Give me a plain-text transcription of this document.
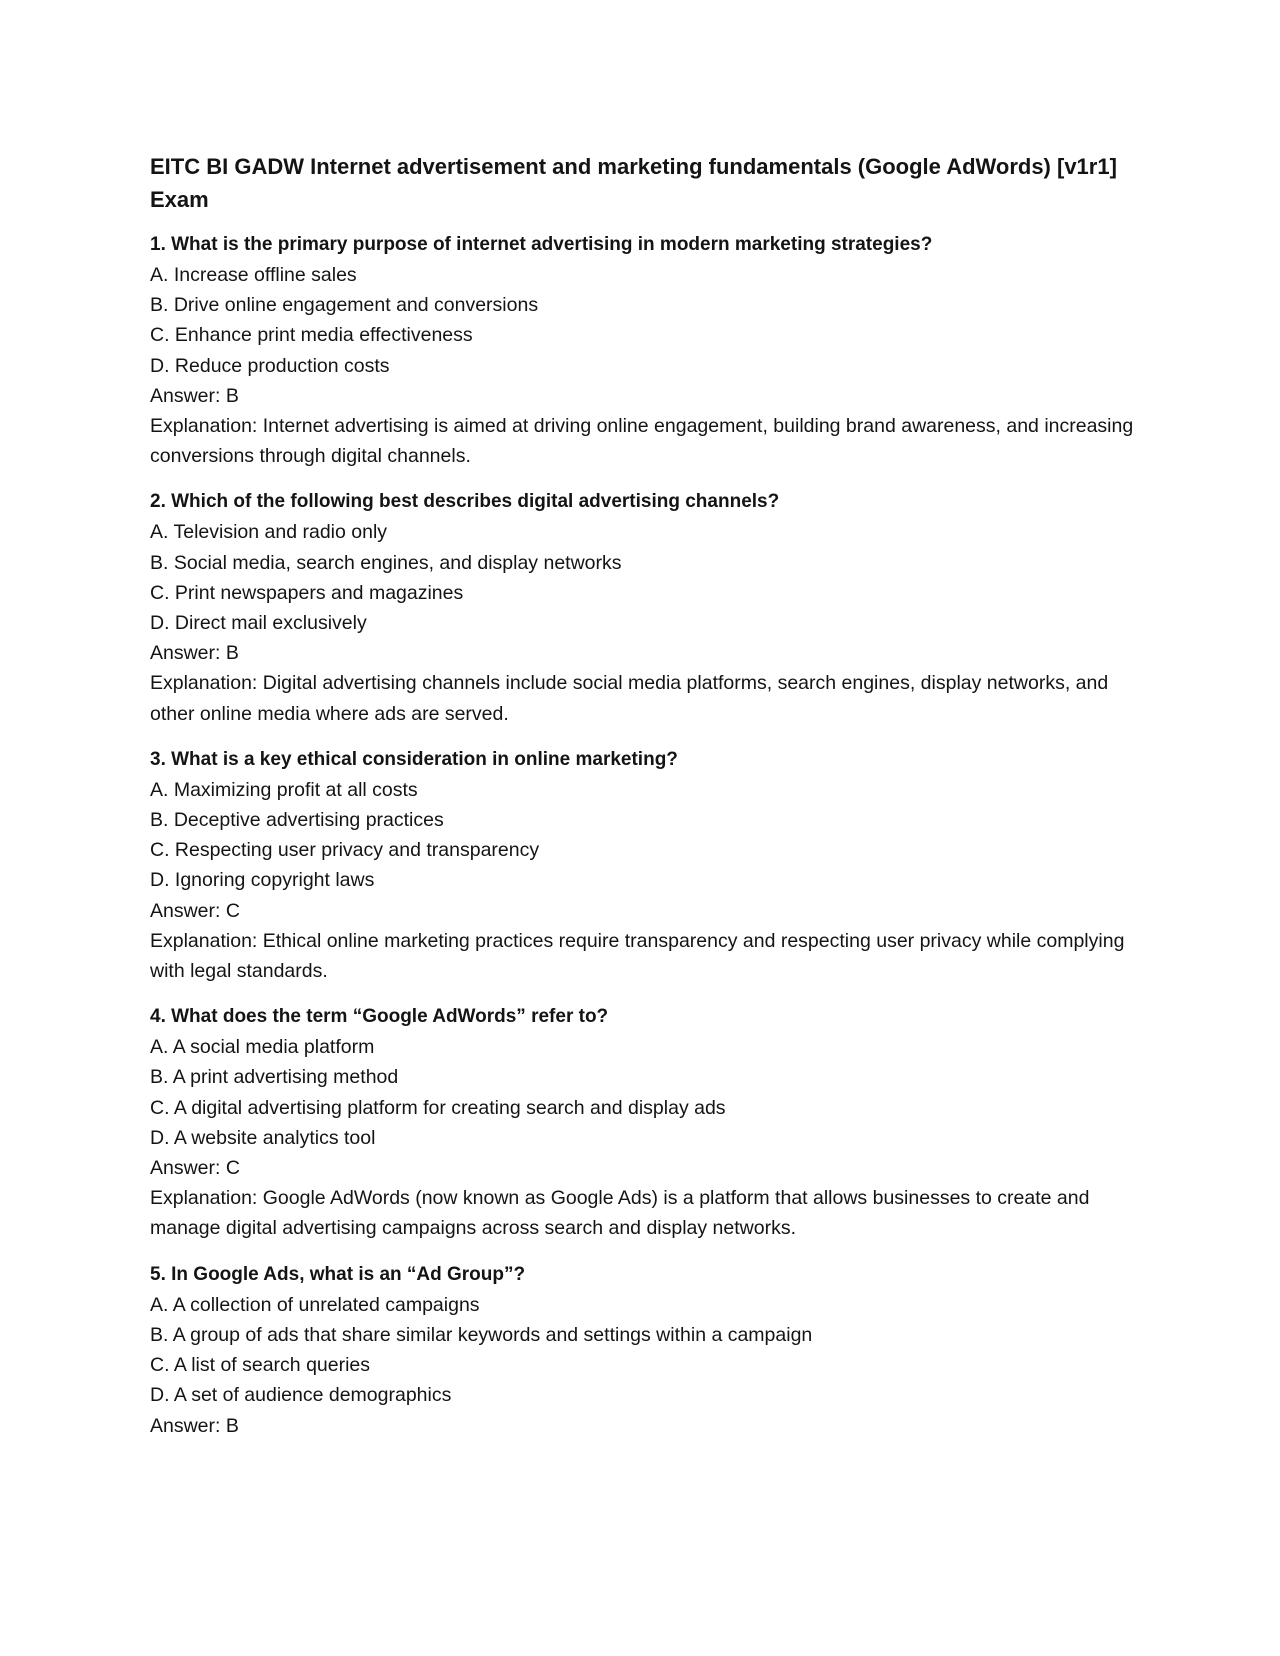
EITC BI GADW Internet advertisement and marketing fundamentals (Google AdWords) [v1r1] Exam
1. What is the primary purpose of internet advertising in modern marketing strategies?
A. Increase offline sales
B. Drive online engagement and conversions
C. Enhance print media effectiveness
D. Reduce production costs
Answer: B
Explanation: Internet advertising is aimed at driving online engagement, building brand awareness, and increasing conversions through digital channels.
2. Which of the following best describes digital advertising channels?
A. Television and radio only
B. Social media, search engines, and display networks
C. Print newspapers and magazines
D. Direct mail exclusively
Answer: B
Explanation: Digital advertising channels include social media platforms, search engines, display networks, and other online media where ads are served.
3. What is a key ethical consideration in online marketing?
A. Maximizing profit at all costs
B. Deceptive advertising practices
C. Respecting user privacy and transparency
D. Ignoring copyright laws
Answer: C
Explanation: Ethical online marketing practices require transparency and respecting user privacy while complying with legal standards.
4. What does the term “Google AdWords” refer to?
A. A social media platform
B. A print advertising method
C. A digital advertising platform for creating search and display ads
D. A website analytics tool
Answer: C
Explanation: Google AdWords (now known as Google Ads) is a platform that allows businesses to create and manage digital advertising campaigns across search and display networks.
5. In Google Ads, what is an “Ad Group”?
A. A collection of unrelated campaigns
B. A group of ads that share similar keywords and settings within a campaign
C. A list of search queries
D. A set of audience demographics
Answer: B
